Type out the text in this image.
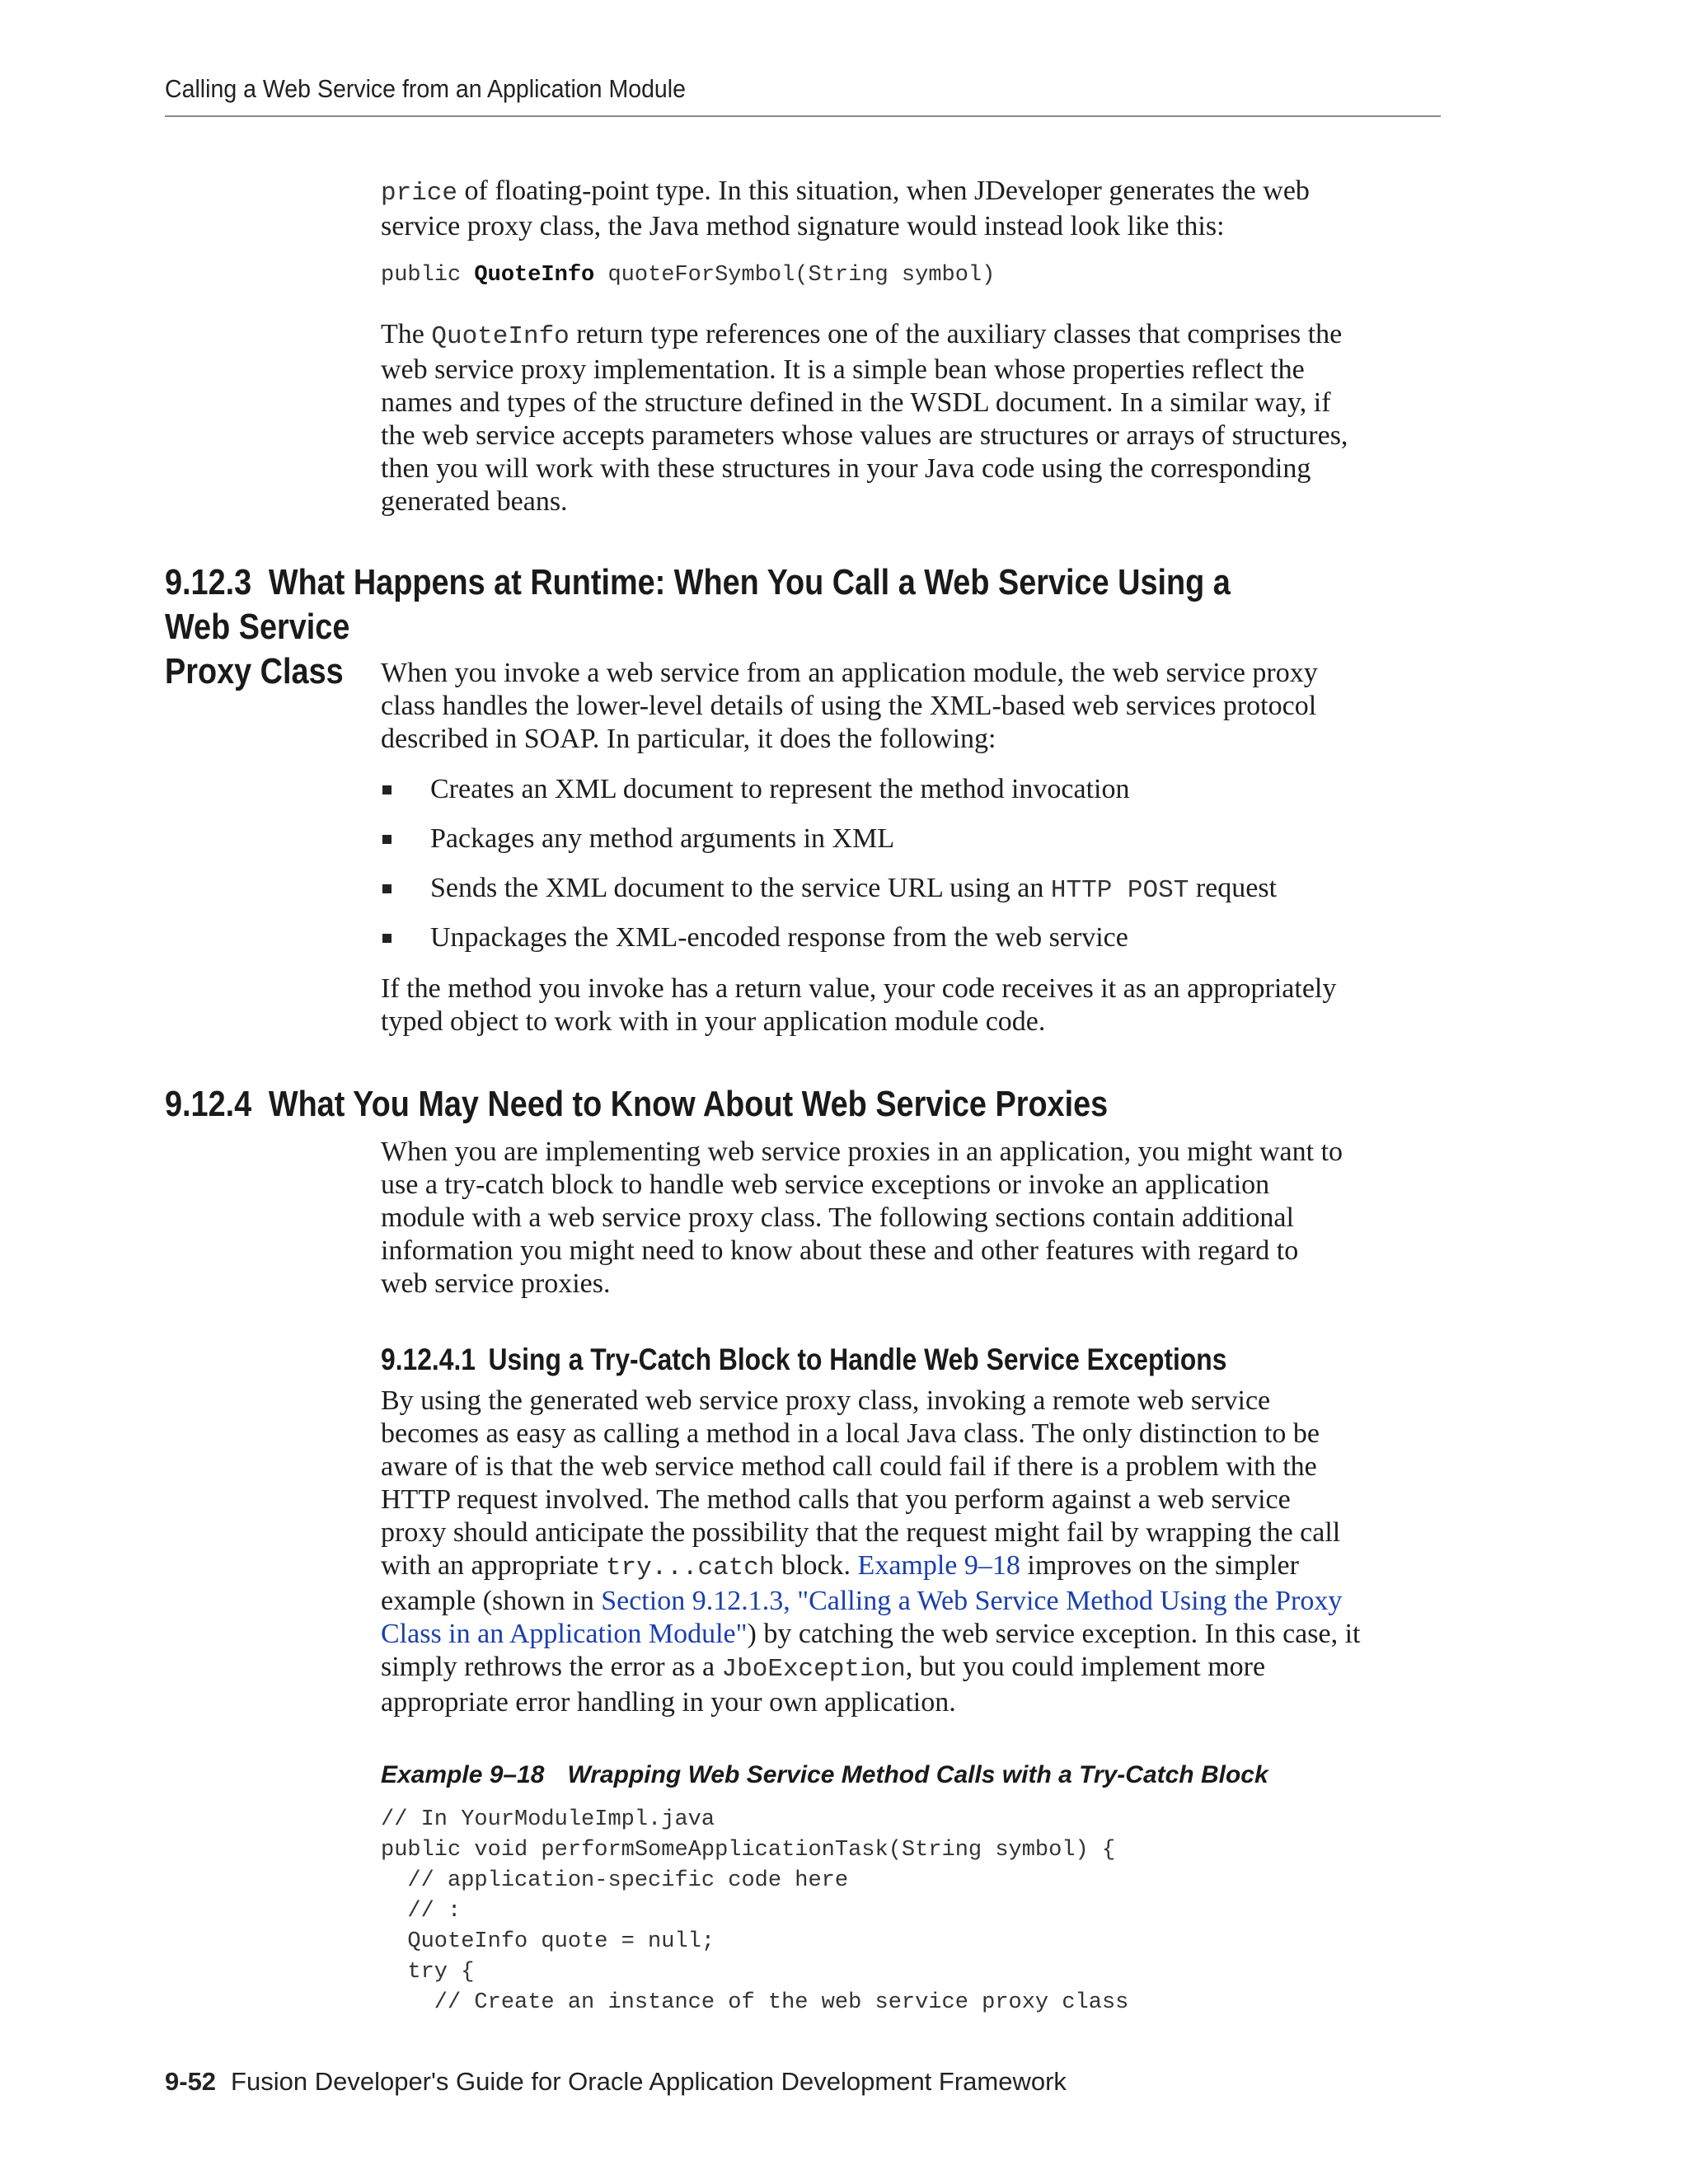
Calling a Web Service from an Application Module

price of floating-point type. In this situation, when JDeveloper generates the web
service proxy class, the Java method signature would instead look like this:

public QuoteInfo quoteForSymbol(String symbol)

The QuoteInfo return type references one of the auxiliary classes that comprises the
web service proxy implementation. It is a simple bean whose properties reflect the
names and types of the structure defined in the WSDL document. In a similar way, if
the web service accepts parameters whose values are structures or arrays of structures,
then you will work with these structures in your Java code using the corresponding
generated beans.

9.12.3 What Happens at Runtime: When You Call a Web Service Using a Web Service
Proxy Class	When you invoke a web service from an application module, the web service proxy
class handles the lower-level details of using the XML-based web services protocol
described in SOAP. In particular, it does the following:

Creates an XML document to represent the method invocation
Packages any method arguments in XML
Sends the XML document to the service URL using an HTTP POST request
Unpackages the XML-encoded response from the web service

If the method you invoke has a return value, your code receives it as an appropriately
typed object to work with in your application module code.

9.12.4 What You May Need to Know About Web Service Proxies

When you are implementing web service proxies in an application, you might want to
use a try-catch block to handle web service exceptions or invoke an application
module with a web service proxy class. The following sections contain additional
information you might need to know about these and other features with regard to
web service proxies.

9.12.4.1 Using a Try-Catch Block to Handle Web Service Exceptions

By using the generated web service proxy class, invoking a remote web service
becomes as easy as calling a method in a local Java class. The only distinction to be
aware of is that the web service method call could fail if there is a problem with the
HTTP request involved. The method calls that you perform against a web service
proxy should anticipate the possibility that the request might fail by wrapping the call
with an appropriate try...catch block. Example 9–18 improves on the simpler
example (shown in Section 9.12.1.3, "Calling a Web Service Method Using the Proxy
Class in an Application Module") by catching the web service exception. In this case, it
simply rethrows the error as a JboException, but you could implement more
appropriate error handling in your own application.

Example 9–18 Wrapping Web Service Method Calls with a Try-Catch Block

// In YourModuleImpl.java

public void performSomeApplicationTask(String symbol) {

// application-specific code here

// :

QuoteInfo quote = null;

try {

// Create an instance of the web service proxy class

9-52 Fusion Developer's Guide for Oracle Application Development Framework
